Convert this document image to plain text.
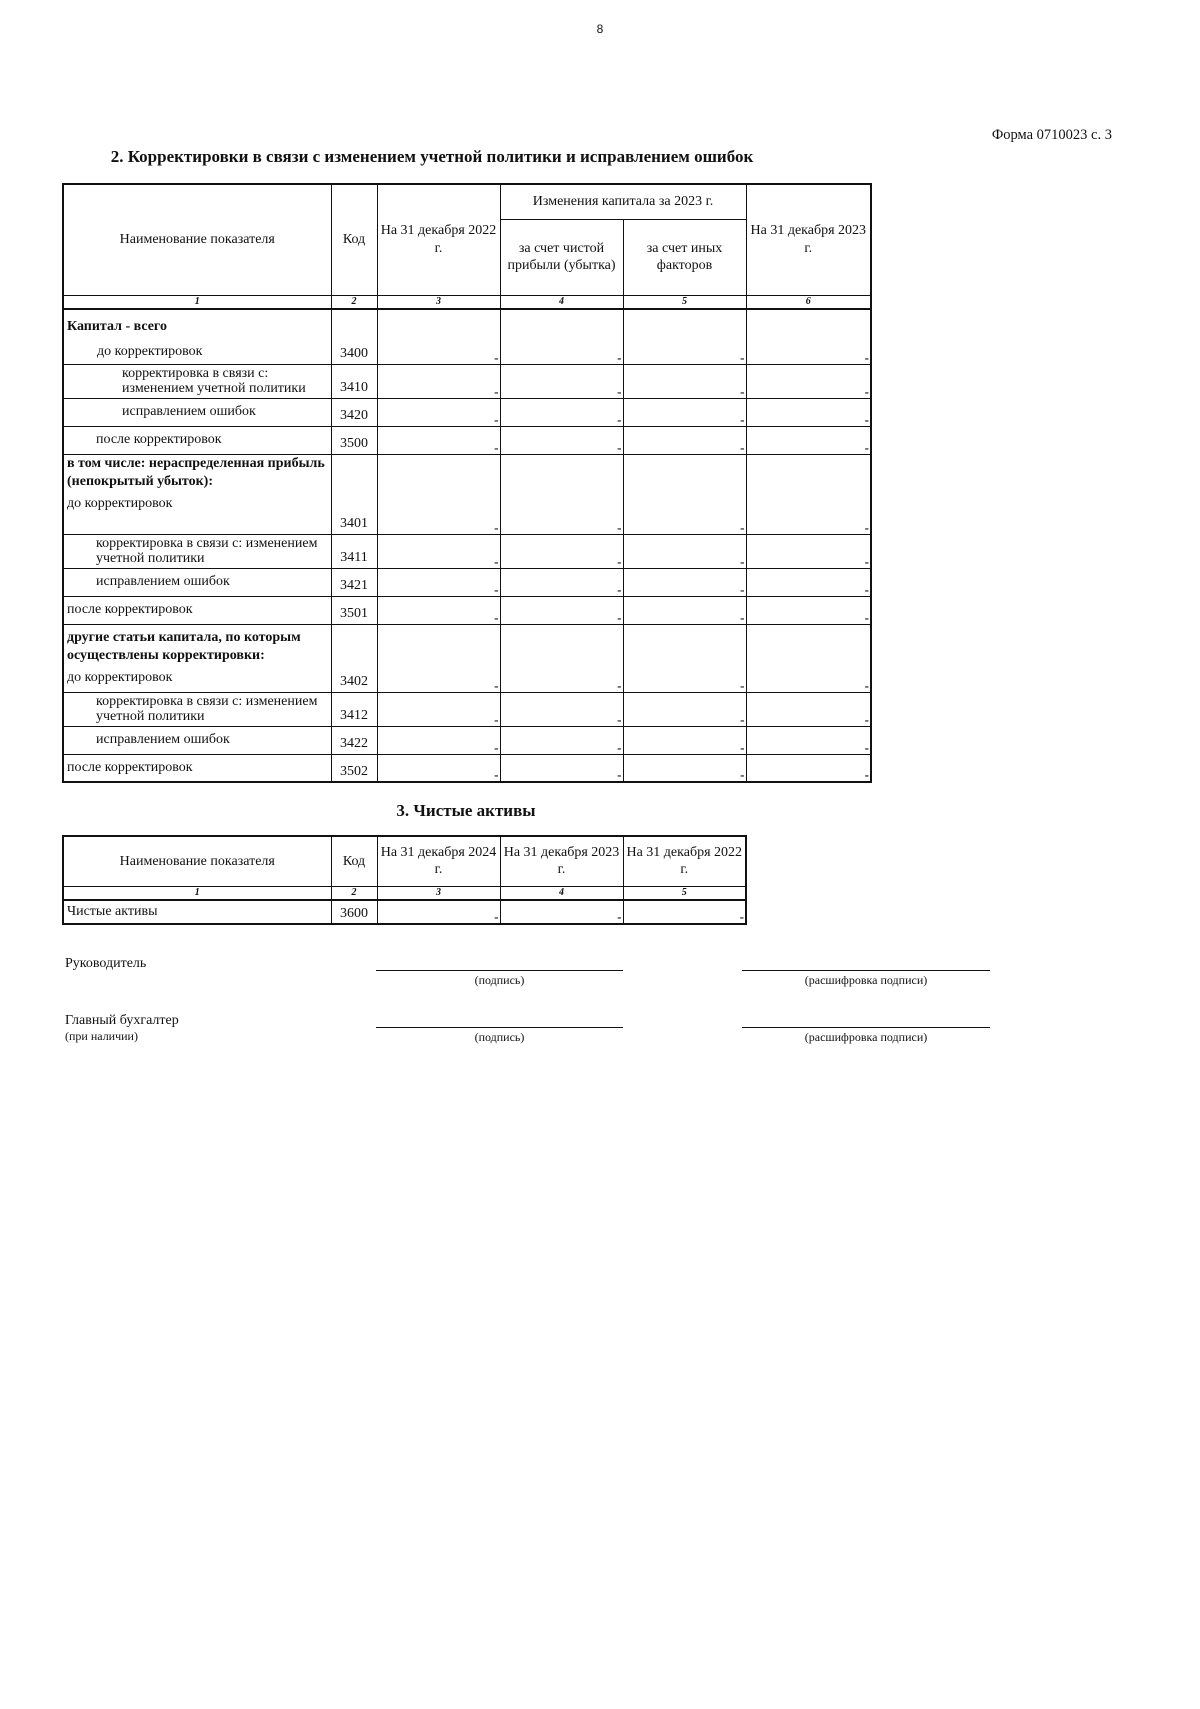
8
Форма 0710023 с. 3
2. Корректировки в связи с изменением учетной политики и исправлением ошибок
Наименование показателя	Код	На 31 декабря 2022 г.	Изменения капитала за 2023 г.		На 31 декабря 2023 г.
			за счет чистой прибыли (убытка)	за счет иных факторов	
1	2	3	4	5	6

Капитал - всего
до корректировок	3400	-	-	-	-
корректировка в связи с: изменением учетной политики	3410	-	-	-	-
исправлением ошибок	3420	-	-	-	-
после корректировок	3500	-	-	-	-

в том числе: нераспределенная прибыль (непокрытый убыток):
до корректировок	3401	-	-	-	-
корректировка в связи с: изменением учетной политики	3411	-	-	-	-
исправлением ошибок	3421	-	-	-	-
после корректировок	3501	-	-	-	-

другие статьи капитала, по которым осуществлены корректировки:
до корректировок	3402	-	-	-	-
корректировка в связи с: изменением учетной политики	3412	-	-	-	-
исправлением ошибок	3422	-	-	-	-
после корректировок	3502	-	-	-	-
3. Чистые активы
Наименование показателя	Код	На 31 декабря 2024 г.	На 31 декабря 2023 г.	На 31 декабря 2022 г.
1	2	3	4	5
Чистые активы	3600	-	-	-
Руководитель
(подпись)	(расшифровка подписи)
Главный бухгалтер
(при наличии)	(подпись)	(расшифровка подписи)
